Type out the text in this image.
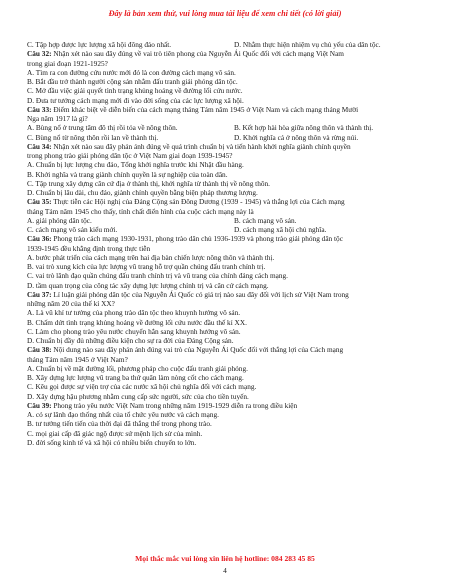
Đây là bản xem thử, vui lòng mua tài liệu để xem chi tiết (có lời giải)
C. Tập hợp được lực lượng xã hội đông đảo nhất.	D. Nhằm thực hiện nhiệm vụ chủ yếu của dân tộc.
Câu 32: Nhận xét nào sau đây đúng về vai trò tiên phong của Nguyễn Ái Quốc đối với cách mạng Việt Nam
trong giai đoạn 1921-1925?
A. Tìm ra con đường cứu nước mới đó là con đường cách mạng vô sản.
B. Bắt đầu trở thành người cộng sản nhằm đấu tranh giải phóng dân tộc.
C. Mở đầu việc giải quyết tình trạng khủng hoảng về đường lối cứu nước.
D. Đưa tư tưởng cách mạng mới đi vào đời sống của các lực lượng xã hội.
Câu 33: Điểm khác biệt về diễn biến của cách mạng tháng Tám năm 1945 ở Việt Nam và cách mạng tháng Mười
Nga năm 1917 là gì?
A. Bùng nổ ở trung tâm đô thị rồi tỏa về nông thôn.	B. Kết hợp hài hòa giữa nông thôn và thành thị.
C. Bùng nổ từ nông thôn rồi lan về thành thị.	D. Khởi nghĩa cả ở nông thôn và rừng núi.
Câu 34: Nhận xét nào sau đây phản ánh đúng về quá trình chuẩn bị và tiến hành khởi nghĩa giành chính quyền
trong phong trào giải phóng dân tộc ở Việt Nam giai đoạn 1939-1945?
A. Chuẩn bị lực lượng chu đáo, Tổng khởi nghĩa trước khi Nhật đầu hàng.
B. Khởi nghĩa và trang giành chính quyền là sự nghiệp của toàn dân.
C. Tập trung xây dựng căn cứ địa ở thành thị, khởi nghĩa từ thành thị về nông thôn.
D. Chuẩn bị lâu dài, chu đáo, giành chính quyền bằng biện pháp thương lượng.
Câu 35: Thực tiễn các Hội nghị của Đảng Cộng sản Đông Dương (1939 - 1945) và thắng lợi của Cách mạng
tháng Tám năm 1945 cho thấy, tính chất điển hình của cuộc cách mạng này là
A. giải phóng dân tộc.	B. cách mạng vô sản.
C. cách mạng vô sản kiểu mới.	D. cách mạng xã hội chủ nghĩa.
Câu 36: Phong trào cách mạng 1930-1931, phong trào dân chủ 1936-1939 và phong trào giải phóng dân tộc
1939-1945 đều khẳng định trong thực tiễn
A. bước phát triển của cách mạng trên hai địa bàn chiến lược nông thôn và thành thị.
B. vai trò xung kích của lực lượng vũ trang hỗ trợ quần chúng đấu tranh chính trị.
C. vai trò lãnh đạo quần chúng đấu tranh chính trị và vũ trang của chính đảng cách mạng.
D. tầm quan trọng của công tác xây dựng lực lượng chính trị và căn cứ cách mạng.
Câu 37: Lí luận giải phóng dân tộc của Nguyễn Ái Quốc có giá trị nào sau đây đối với lịch sử Việt Nam trong
những năm 20 của thế kỉ XX?
A. Là vũ khí tư tưởng của phong trào dân tộc theo khuynh hướng vô sản.
B. Chấm dứt tình trạng khủng hoảng về đường lối cứu nước đầu thế kỉ XX.
C. Làm cho phong trào yêu nước chuyển hẳn sang khuynh hướng vô sản.
D. Chuẩn bị đầy đủ những điều kiện cho sự ra đời của Đảng Cộng sản.
Câu 38: Nội dung nào sau đây phản ánh đúng vai trò của Nguyễn Ái Quốc đối với thắng lợi của Cách mạng
tháng Tám năm 1945 ở Việt Nam?
A. Chuẩn bị về mặt đường lối, phương pháp cho cuộc đấu tranh giải phóng.
B. Xây dựng lực lượng vũ trang ba thứ quân làm nòng cốt cho cách mạng.
C. Kêu gọi được sự viện trợ của các nước xã hội chủ nghĩa đối với cách mạng.
D. Xây dựng hậu phương nhằm cung cấp sức người, sức của cho tiền tuyến.
Câu 39: Phong trào yêu nước Việt Nam trong những năm 1919-1929 diễn ra trong điều kiện
A. có sự lãnh đạo thống nhất của tổ chức yêu nước và cách mạng.
B. tư tưởng tiến tiến của thời đại đã thắng thế trong phong trào.
C. mọi giai cấp đã giác ngộ được sứ mệnh lịch sử của mình.
D. đời sống kinh tế và xã hội có nhiều biến chuyển to lớn.
Mọi thắc mắc vui lòng xin liên hệ hotline: 084 283 45 85
4
